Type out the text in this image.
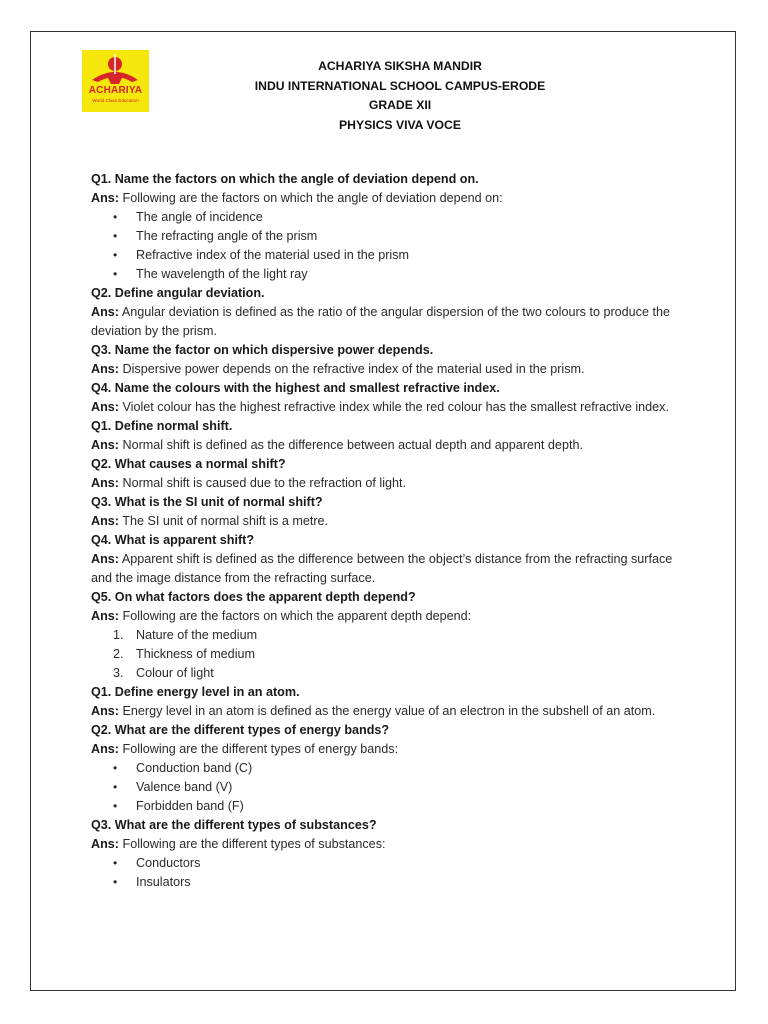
ACHARIYA
World Class Education
ACHARIYA SIKSHA MANDIR
INDU INTERNATIONAL SCHOOL CAMPUS-ERODE
GRADE XII
PHYSICS VIVA VOCE
Q1. Name the factors on which the angle of deviation depend on.
Ans: Following are the factors on which the angle of deviation depend on:
• The angle of incidence
• The refracting angle of the prism
• Refractive index of the material used in the prism
• The wavelength of the light ray
Q2. Define angular deviation.
Ans: Angular deviation is defined as the ratio of the angular dispersion of the two colours to produce the deviation by the prism.
Q3. Name the factor on which dispersive power depends.
Ans: Dispersive power depends on the refractive index of the material used in the prism.
Q4. Name the colours with the highest and smallest refractive index.
Ans: Violet colour has the highest refractive index while the red colour has the smallest refractive index.
Q1. Define normal shift.
Ans: Normal shift is defined as the difference between actual depth and apparent depth.
Q2. What causes a normal shift?
Ans: Normal shift is caused due to the refraction of light.
Q3. What is the SI unit of normal shift?
Ans: The SI unit of normal shift is a metre.
Q4. What is apparent shift?
Ans: Apparent shift is defined as the difference between the object’s distance from the refracting surface and the image distance from the refracting surface.
Q5. On what factors does the apparent depth depend?
Ans: Following are the factors on which the apparent depth depend:
1. Nature of the medium
2. Thickness of medium
3. Colour of light
Q1. Define energy level in an atom.
Ans: Energy level in an atom is defined as the energy value of an electron in the subshell of an atom.
Q2. What are the different types of energy bands?
Ans: Following are the different types of energy bands:
• Conduction band (C)
• Valence band (V)
• Forbidden band (F)
Q3. What are the different types of substances?
Ans: Following are the different types of substances:
• Conductors
• Insulators
